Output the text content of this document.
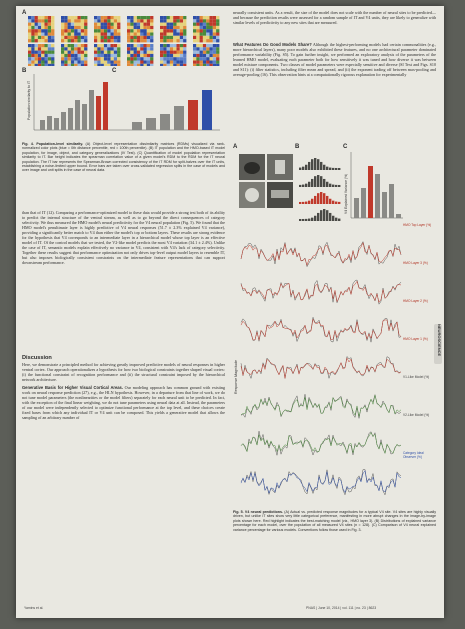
A
B	C
Population similarity to IT
Fig. 4. Population-level similarity. (A) Object-level representation dissimilarity matrices (RDMs) visualized via rank-normalized color plots (blue = 0th distance percentile, red = 100th percentile). (B) IT population and the HMO-based IT model population, for image, object, and category generalizations (IV Test). (C) Quantification of model population representation similarity to IT. Bar height indicates the spearman correlation value of a given model's RDM to the RDM for the IT neural population. The IT bar represents the Spearman-Brown corrected consistency of the IT RDM for split-halves over the IT units, establishing a noise-limited upper bound. Error bars are taken over cross-validated regression splits in the case of models and over image and unit splits in the case of neural data.

than that of IT (12). Comparing a performance-optimized model to these data would provide a strong test both of its ability to predict the internal structure of the ventral stream, as well as to go beyond the direct consequences of category selectivity. We thus measured the HMO model's neural predictivity for the V4 neural population (Fig. 5). We found that the HMO model's penultimate layer is highly predictive of V4 neural responses (51.7 ± 2.3% explained V4 variance), providing a significantly better match to V4 than either the model's top or bottom layers. These results are strong evidence for the hypothesis that V4 corresponds to an intermediate layer in a hierarchical model whose top layer is an effective model of IT. Of the control models that we tested, the V2-like model predicts the most V4 variation (34.1 ± 2.4%). Unlike the case of IT, semantic models explain effectively no variance in V4, consistent with V4's lack of category selectivity. Together these results suggest that performance optimization not only drives top-level output model layers to resemble IT, but also imposes biologically consistent constraints on the intermediate feature representations that can support downstream performance.

Discussion

Here, we demonstrate a principled method for achieving greatly improved predictive models of neural responses in higher ventral cortex. Our approach operationalizes a hypothesis for how two biological constraints together shaped visual cortex: (i) the functional constraint of recognition performance and (ii) the structural constraint imposed by the hierarchical network architecture.

Generative Basis for Higher Visual Cortical Areas. Our modeling approach has common ground with existing work on neural response prediction (27), e.g., the HLN hypothesis. However, in a departure from that line of work, we do not tune model parameters (the nonlinearities or the model filters) separately for each neural unit to be predicted. In fact, with the exception of the final linear weighting, we do not tune parameters using neural data at all. Instead, the parameters of our model were independently selected to optimize functional performance at the top level, and these choices create fixed bases from which any individual IT or V4 unit can be composed. This yields a generative model that allows the sampling of an arbitrary number of

neurally consistent units. As a result, the size of the model does not scale with the number of neural sites to be predicted—and because the prediction results were assessed for a random sample of IT and V4 units, they are likely to generalize with similar levels of predictivity to any new sites that are measured.

What Features Do Good Models Share? Although the highest-performing models had certain commonalities (e.g., more hierarchical layers), many poor models also exhibited these features, and no one architectural parameter dominated performance variability (Fig. S5). To gain further insight, we performed an exploratory analysis of the parameters of the learned HMO model, evaluating each parameter both for how sensitively it was tuned and how diverse it was between model mixture components. Two classes of model parameters were especially sensitive and diverse (SI Text and Figs. S10 and S11): (i) filter statistics, including filter mean and spread, and (ii) the exponent trading off between max-pooling and average-pooling (16). This observation hints at a computationally rigorous explanation for experimentally

A	B	C
V4 Explained Variance (%)
Response Magnitude
HMO Top Layer (%)
HMO Layer 3 (%)
HMO Layer 2 (%)
HMO Layer 1 (%)
V1-Like Model (%)
V2-Like Model (%)
Category Ideal Observer (%)
Fig. 5. V4 neural predictions. (A) Actual vs. predicted response magnitudes for a typical V4 site. V4 sites are highly visually driven, but unlike IT sites show very little categorical preference, manifesting in more abrupt changes in the image-by-image plots shown here. Red highlight indicates the best-matching model (viz., HMO layer 3). (B) Distributions of explained variance percentage for each model, over the population of all measured V4 sites (n = 128). (C) Comparison of V4 neural explained variance percentage for various models. Conventions follow those used in Fig. 3.
NEUROSCIENCE
Yamins et al.	PNAS | June 10, 2014 | vol. 111 | no. 23 | 8623
